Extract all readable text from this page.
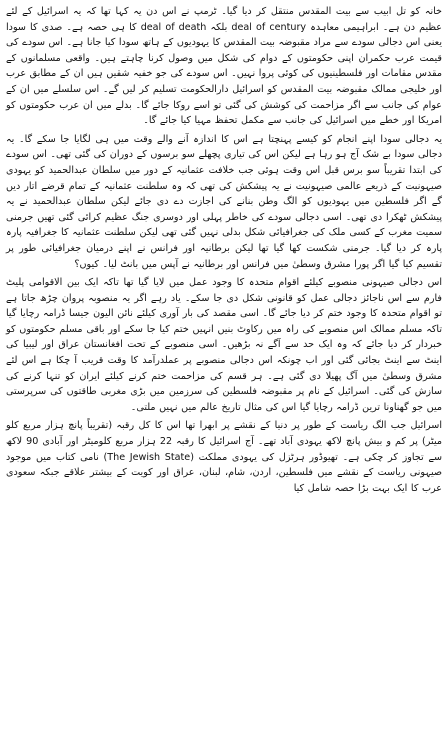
خانہ کو تل ابیب سے بیت المقدس منتقل کر دیا گیا۔ ٹرمپ نے اس دن یہ کہا تھا کہ یہ اسرائیل کے لئے عظیم دن ہے۔ ابراہیمی معاہدہ deal of century بلکہ deal of death کا ہی حصہ ہے۔ صدی کا سودا یعنی اس دجالی سودے سے مراد مقبوضہ بیت المقدس کا یہودیوں کے ہاتھ سودا کیا جانا ہے۔ اس سودے کی قیمت عرب حکمران اپنی حکومتوں کے دوام کی شکل میں وصول کرنا چاہتے ہیں۔ واقعی مسلمانوں کے مقدس مقامات اور فلسطینیوں کی کوئی پروا نہیں۔ اس سودے کی جو خفیہ شقیں ہیں ان کے مطابق عرب اور خلیجی ممالک مقبوضہ بیت المقدس کو اسرائیل دارالحکومت تسلیم کر لیں گے۔ اس سلسلے میں ان کے عوام کی جانب سے اگر مزاحمت کی کوشش کی گئی تو اسے روکا جائے گا۔ بدلے میں ان عرب حکومتوں کو امریکا اور خطے میں اسرائیل کی جانب سے مکمل تحفظ مہیا کیا جائے گا۔

یہ دجالی سودا اپنے انجام کو کیسے پہنچتا ہے اس کا اندازہ آنے والے وقت میں ہی لگایا جا سکے گا۔ یہ دجالی سودا بے شک آج ہو رہا ہے لیکن اس کی تیاری پچھلے سو برسوں کے دوران کی گئی تھی۔ اس سودے کی ابتدا تقریباً سو برس قبل اس وقت ہوئی جب خلافت عثمانیہ کے دور میں سلطان عبدالحمید کو یہودی صیہونیت کے ذریعے عالمی صیہونیت نے یہ پیشکش کی تھی کہ وہ سلطنت عثمانیہ کے تمام قرضے اتار دیں گے اگر فلسطین میں یہودیوں کو الگ وطن بنانے کی اجازت دے دی جائے لیکن سلطان عبدالحمید نے یہ پیشکش ٹھکرا دی تھی۔ اسی دجالی سودے کی خاطر پہلی اور دوسری جنگ عظیم کرائی گئی تھیں جرمنی سمیت مغرب کے کسی ملک کی جغرافیائی شکل بدلی نہیں گئی تھی لیکن سلطنت عثمانیہ کا جغرافیہ پارہ پارہ کر دیا گیا۔ جرمنی شکست کھا گیا تھا لیکن برطانیہ اور فرانس نے اپنے درمیان جغرافیائی طور پر تقسیم کیا گیا اگر پورا مشرق وسطیٰ میں فرانس اور برطانیہ نے آپس میں بانٹ لیا۔ کیوں؟

اس دجالی صیہونی منصوبے کیلئے اقوام متحدہ کا وجود عمل میں لایا گیا تھا تاکہ ایک بین الاقوامی پلیٹ فارم سے اس ناجائز دجالی عمل کو قانونی شکل دی جا سکے۔ یاد رہے اگر یہ منصوبہ پروان چڑھ جاتا ہے تو اقوام متحدہ کا وجود ختم کر دیا جائے گا۔ اسی مقصد کی بار آوری کیلئے نائن الیون جیسا ڈرامہ رچایا گیا تاکہ مسلم ممالک اس منصوبے کی راہ میں رکاوٹ بنیں انہیں ختم کیا جا سکے اور باقی مسلم حکومتوں کو خبردار کر دیا جائے کہ وہ ایک حد سے آگے نہ بڑھیں۔ اسی منصوبے کے تحت افغانستان عراق اور لیبیا کی اینٹ سے اینٹ بجائی گئی اور اب چونکہ اس دجالی منصوبے پر عملدرآمد کا وقت قریب آ چکا ہے اس لئے مشرق وسطیٰ میں آگ پھیلا دی گئی ہے۔ ہر قسم کی مزاحمت ختم کرنے کیلئے ایران کو تنہا کرنے کی سازش کی گئی۔ اسرائیل کے نام پر مقبوضہ فلسطین کی سرزمین میں بڑی مغربی طاقتوں کی سرپرستی میں جو گھناونا ترین ڈرامہ رچایا گیا اس کی مثال تاریخ عالم میں نہیں ملتی۔

اسرائیل جب الگ ریاست کے طور پر دنیا کے نقشے پر ابھرا تھا اس کا کل رقبہ (تقریباً پانچ ہزار مربع کلو میٹر) پر کم و بیش پانچ لاکھ یہودی آباد تھے۔ آج اسرائیل کا رقبہ 22 ہزار مربع کلومیٹر اور آبادی 90 لاکھ سے تجاوز کر چکی ہے۔ تھیوڈور ہرٹزل کی یہودی مملکت (The Jewish State) نامی کتاب میں موجود صیہونی ریاست کے نقشے میں فلسطین، اردن، شام، لبنان، عراق اور کویت کے بیشتر علاقے جبکہ سعودی عرب کا ایک بہت بڑا حصہ شامل کیا
